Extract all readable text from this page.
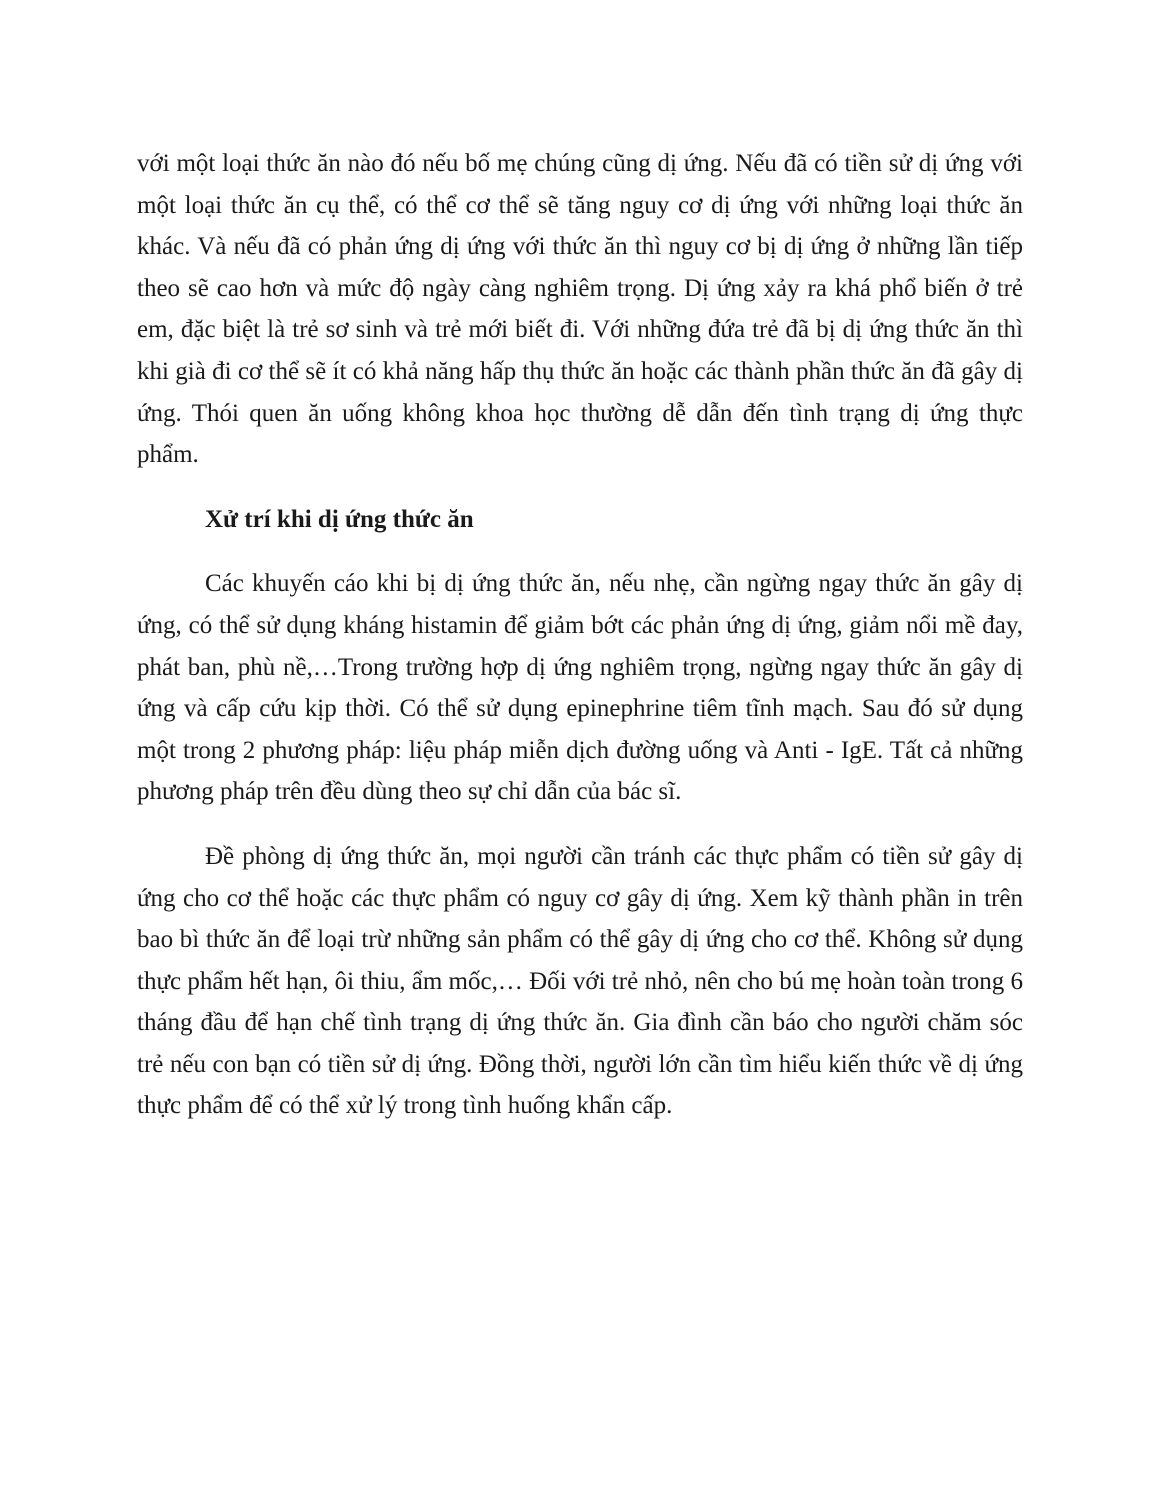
với một loại thức ăn nào đó nếu bố mẹ chúng cũng dị ứng. Nếu đã có tiền sử dị ứng với một loại thức ăn cụ thể, có thể cơ thể sẽ tăng nguy cơ dị ứng với những loại thức ăn khác. Và nếu đã có phản ứng dị ứng với thức ăn thì nguy cơ bị dị ứng ở những lần tiếp theo sẽ cao hơn và mức độ ngày càng nghiêm trọng. Dị ứng xảy ra khá phổ biến ở trẻ em, đặc biệt là trẻ sơ sinh và trẻ mới biết đi. Với những đứa trẻ đã bị dị ứng thức ăn thì khi già đi cơ thể sẽ ít có khả năng hấp thụ thức ăn hoặc các thành phần thức ăn đã gây dị ứng. Thói quen ăn uống không khoa học thường dễ dẫn đến tình trạng dị ứng thực phẩm.

Xử trí khi dị ứng thức ăn

Các khuyến cáo khi bị dị ứng thức ăn, nếu nhẹ, cần ngừng ngay thức ăn gây dị ứng, có thể sử dụng kháng histamin để giảm bớt các phản ứng dị ứng, giảm nổi mề đay, phát ban, phù nề,…Trong trường hợp dị ứng nghiêm trọng, ngừng ngay thức ăn gây dị ứng và cấp cứu kịp thời. Có thể sử dụng epinephrine tiêm tĩnh mạch. Sau đó sử dụng một trong 2 phương pháp: liệu pháp miễn dịch đường uống và Anti - IgE. Tất cả những phương pháp trên đều dùng theo sự chỉ dẫn của bác sĩ.

Đề phòng dị ứng thức ăn, mọi người cần tránh các thực phẩm có tiền sử gây dị ứng cho cơ thể hoặc các thực phẩm có nguy cơ gây dị ứng. Xem kỹ thành phần in trên bao bì thức ăn để loại trừ những sản phẩm có thể gây dị ứng cho cơ thể. Không sử dụng thực phẩm hết hạn, ôi thiu, ẩm mốc,… Đối với trẻ nhỏ, nên cho bú mẹ hoàn toàn trong 6 tháng đầu để hạn chế tình trạng dị ứng thức ăn. Gia đình cần báo cho người chăm sóc trẻ nếu con bạn có tiền sử dị ứng. Đồng thời, người lớn cần tìm hiểu kiến thức về dị ứng thực phẩm để có thể xử lý trong tình huống khẩn cấp.
